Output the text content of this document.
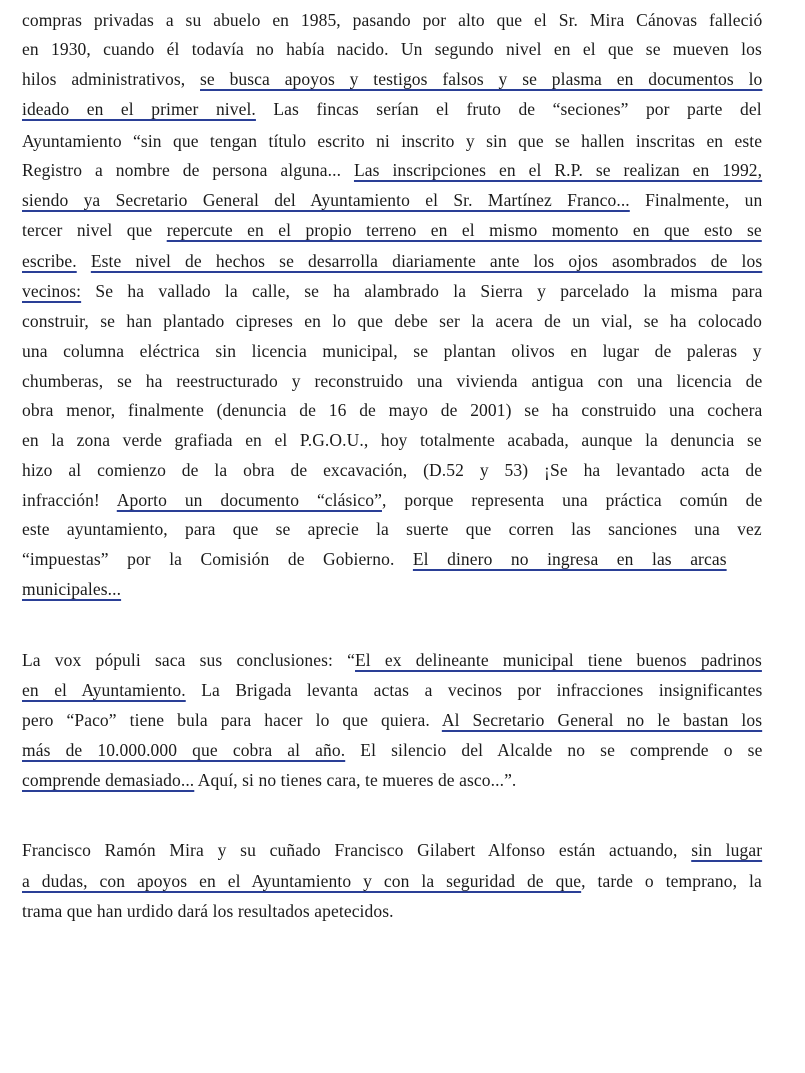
compras privadas a su abuelo en 1985, pasando por alto que el Sr. Mira Cánovas falleció
en 1930, cuando él todavía no había nacido. Un segundo nivel en el que se mueven los
hilos administrativos, se busca apoyos y testigos falsos y se plasma en documentos lo
ideado en el primer nivel. Las fincas serían el fruto de “seciones” por parte del
Ayuntamiento “sin que tengan título escrito ni inscrito y sin que se hallen inscritas en este
Registro a nombre de persona alguna... Las inscripciones en el R.P. se realizan en 1992,
siendo ya Secretario General del Ayuntamiento el Sr. Martínez Franco... Finalmente, un
tercer nivel que repercute en el propio terreno en el mismo momento en que esto se
escribe. Este nivel de hechos se desarrolla diariamente ante los ojos asombrados de los
vecinos: Se ha vallado la calle, se ha alambrado la Sierra y parcelado la misma para
construir, se han plantado cipreses en lo que debe ser la acera de un vial, se ha colocado
una columna eléctrica sin licencia municipal, se plantan olivos en lugar de paleras y
chumberas, se ha reestructurado y reconstruido una vivienda antigua con una licencia de
obra menor, finalmente (denuncia de 16 de mayo de 2001) se ha construido una cochera
en la zona verde grafiada en el P.G.O.U., hoy totalmente acabada, aunque la denuncia se
hizo al comienzo de la obra de excavación, (D.52 y 53) ¡Se ha levantado acta de
infracción! Aporto un documento “clásico”, porque representa una práctica común de
este ayuntamiento, para que se aprecie la suerte que corren las sanciones una vez
“impuestas” por la Comisión de Gobierno. El dinero no ingresa en las arcas
municipales...
La vox pópuli saca sus conclusiones: “El ex delineante municipal tiene buenos padrinos
en el Ayuntamiento. La Brigada levanta actas a vecinos por infracciones insignificantes
pero “Paco” tiene bula para hacer lo que quiera. Al Secretario General no le bastan los
más de 10.000.000 que cobra al año. El silencio del Alcalde no se comprende o se
comprende demasiado... Aquí, si no tienes cara, te mueres de asco...”.
Francisco Ramón Mira y su cuñado Francisco Gilabert Alfonso están actuando, sin lugar
a dudas, con apoyos en el Ayuntamiento y con la seguridad de que, tarde o temprano, la
trama que han urdido dará los resultados apetecidos.
